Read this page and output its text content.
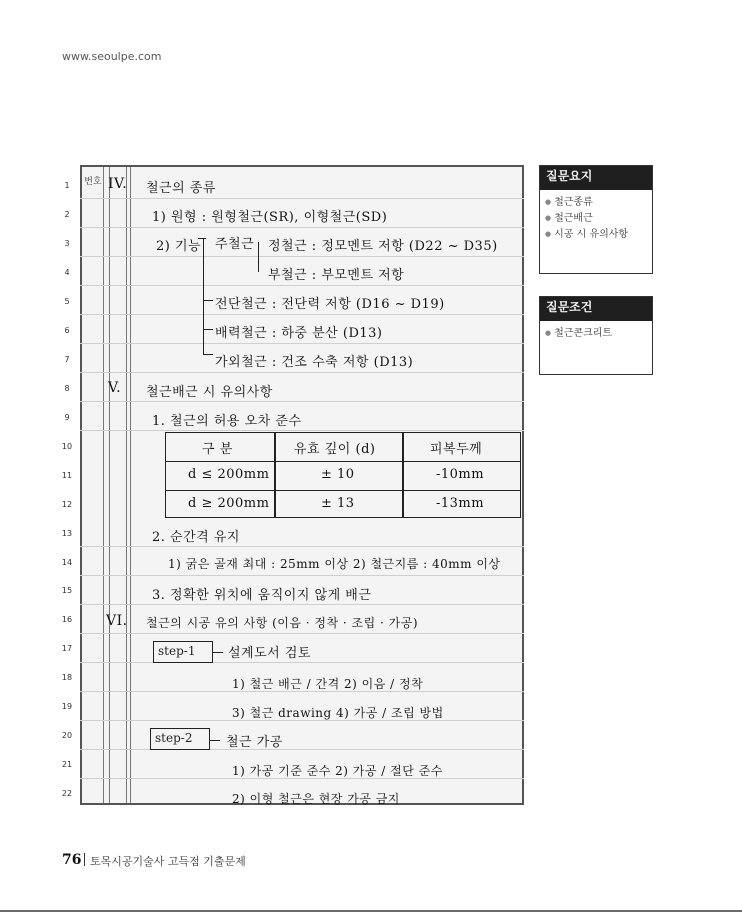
www.seoulpe.com
번호
1
2
3
4
5
6
7
8
9
10
11
12
13
14
15
16
17
18
19
20
21
22
IV. 철근의 종류
1) 원형 : 원형철근(SR), 이형철근(SD)
2) 기능 주철근 정철근 : 정모멘트 저항 (D22 ~ D35)
부철근 : 부모멘트 저항
전단철근 : 전단력 저항 (D16 ~ D19)
배력철근 : 하중 분산 (D13)
가외철근 : 건조 수축 저항 (D13)
V. 철근배근 시 유의사항
1. 철근의 허용 오차 준수
구 분	유효 깊이 (d)	피복두께
d ≤ 200mm	± 10	-10mm
d ≥ 200mm	± 13	-13mm
2. 순간격 유지
1) 굵은 골재 최대 : 25mm 이상 2) 철근지름 : 40mm 이상
3. 정확한 위치에 움직이지 않게 배근
VI. 철근의 시공 유의 사항 (이음 · 정착 · 조립 · 가공)
step-1	설계도서 검토
1) 철근 배근 / 간격 2) 이음 / 정착
3) 철근 drawing 4) 가공 / 조립 방법
step-2	철근 가공
1) 가공 기준 준수 2) 가공 / 절단 준수
2) 이형 철근은 현장 가공 금지
질문요지
● 철근종류
● 철근배근
● 시공 시 유의사항
질문조건
● 철근콘크리트
76 토목시공기술사 고득점 기출문제
